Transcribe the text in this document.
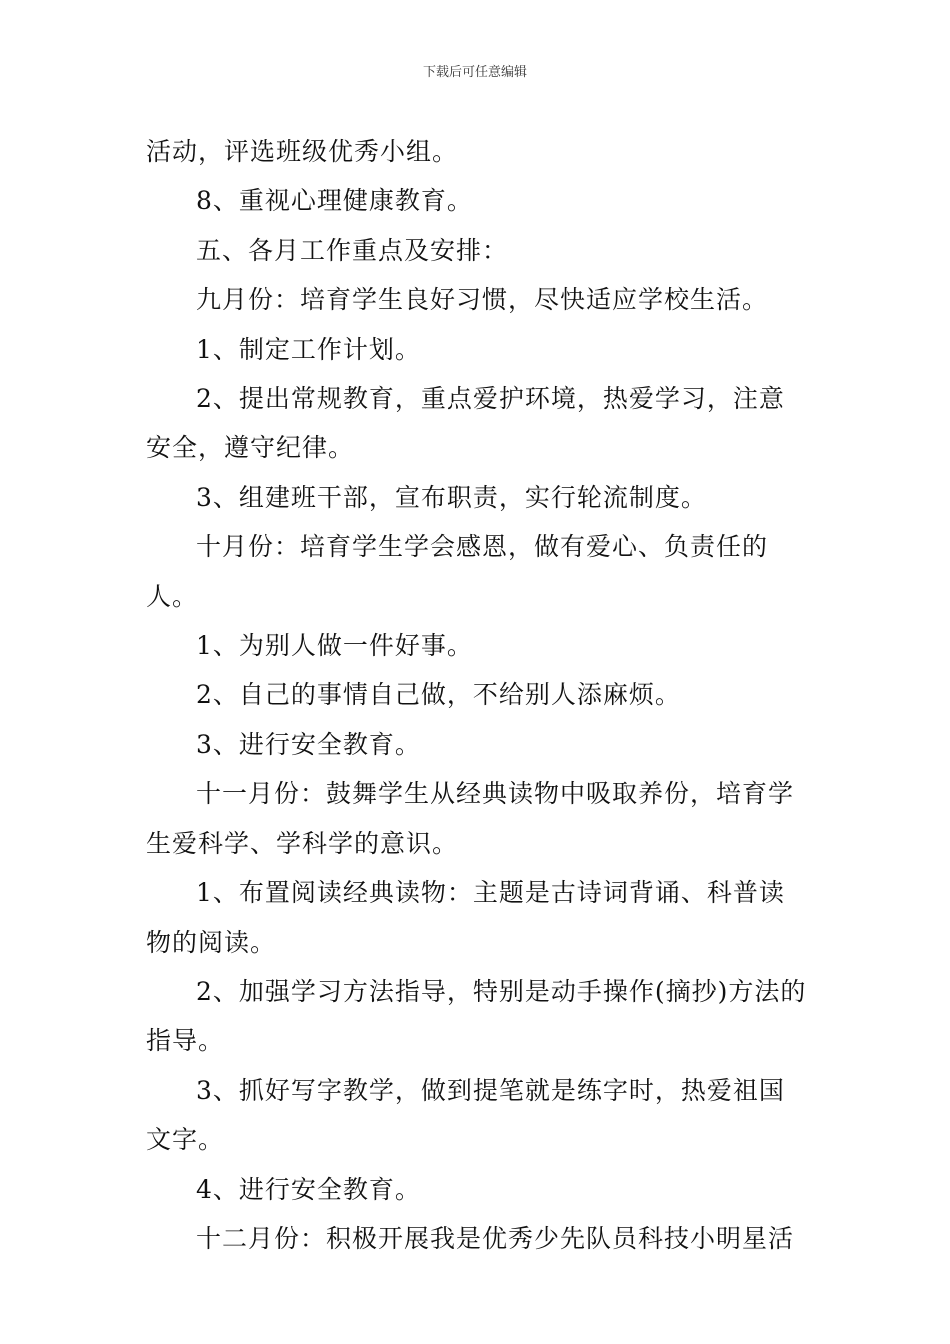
下载后可任意编辑

活动，评选班级优秀小组。

8、重视心理健康教育。

五、各月工作重点及安排：

九月份：培育学生良好习惯，尽快适应学校生活。

1、制定工作计划。

2、提出常规教育，重点爱护环境，热爱学习，注意安全，遵守纪律。

3、组建班干部，宣布职责，实行轮流制度。

十月份：培育学生学会感恩，做有爱心、负责任的人。

1、为别人做一件好事。

2、自己的事情自己做，不给别人添麻烦。

3、进行安全教育。

十一月份：鼓舞学生从经典读物中吸取养份，培育学生爱科学、学科学的意识。

1、布置阅读经典读物：主题是古诗词背诵、科普读物的阅读。

2、加强学习方法指导，特别是动手操作(摘抄)方法的指导。

3、抓好写字教学，做到提笔就是练字时，热爱祖国文字。

4、进行安全教育。

十二月份：积极开展我是优秀少先队员科技小明星活
